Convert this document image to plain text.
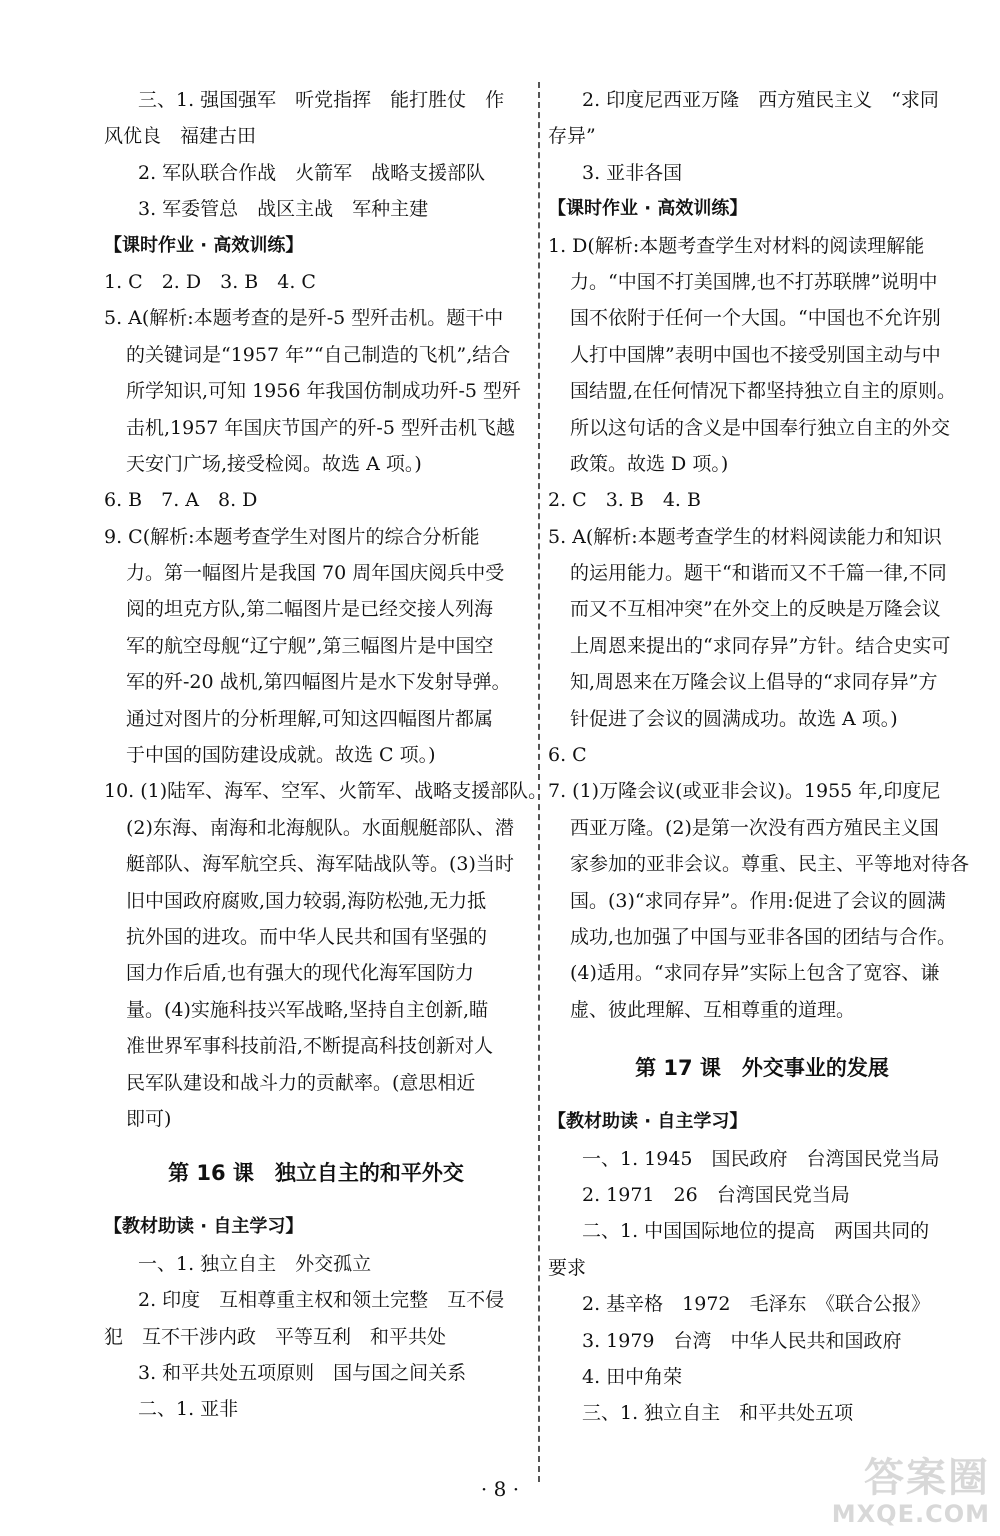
三、1. 强国强军　听党指挥　能打胜仗　作
风优良　福建古田
2. 军队联合作战　火箭军　战略支援部队
3. 军委管总　战区主战　军种主建
【课时作业 · 高效训练】
1. C　2. D　3. B　4. C
5. A(解析:本题考查的是歼-5 型歼击机。题干中
的关键词是“1957 年”“自己制造的飞机”,结合
所学知识,可知 1956 年我国仿制成功歼-5 型歼
击机,1957 年国庆节国产的歼-5 型歼击机飞越
天安门广场,接受检阅。故选 A 项。)
6. B　7. A　8. D
9. C(解析:本题考查学生对图片的综合分析能
力。第一幅图片是我国 70 周年国庆阅兵中受
阅的坦克方队,第二幅图片是已经交接人列海
军的航空母舰“辽宁舰”,第三幅图片是中国空
军的歼-20 战机,第四幅图片是水下发射导弹。
通过对图片的分析理解,可知这四幅图片都属
于中国的国防建设成就。故选 C 项。)
10. (1)陆军、海军、空军、火箭军、战略支援部队。
(2)东海、南海和北海舰队。水面舰艇部队、潜
艇部队、海军航空兵、海军陆战队等。(3)当时
旧中国政府腐败,国力较弱,海防松弛,无力抵
抗外国的进攻。而中华人民共和国有坚强的
国力作后盾,也有强大的现代化海军国防力
量。(4)实施科技兴军战略,坚持自主创新,瞄
准世界军事科技前沿,不断提高科技创新对人
民军队建设和战斗力的贡献率。(意思相近
即可)
第 16 课　独立自主的和平外交
【教材助读 · 自主学习】
一、1. 独立自主　外交孤立
2. 印度　互相尊重主权和领土完整　互不侵
犯　互不干涉内政　平等互利　和平共处
3. 和平共处五项原则　国与国之间关系
二、1. 亚非
2. 印度尼西亚万隆　西方殖民主义　“求同
存异”
3. 亚非各国
【课时作业 · 高效训练】
1. D(解析:本题考查学生对材料的阅读理解能
力。“中国不打美国牌,也不打苏联牌”说明中
国不依附于任何一个大国。“中国也不允许别
人打中国牌”表明中国也不接受别国主动与中
国结盟,在任何情况下都坚持独立自主的原则。
所以这句话的含义是中国奉行独立自主的外交
政策。故选 D 项。)
2. C　3. B　4. B
5. A(解析:本题考查学生的材料阅读能力和知识
的运用能力。题干“和谐而又不千篇一律,不同
而又不互相冲突”在外交上的反映是万隆会议
上周恩来提出的“求同存异”方针。结合史实可
知,周恩来在万隆会议上倡导的“求同存异”方
针促进了会议的圆满成功。故选 A 项。)
6. C
7. (1)万隆会议(或亚非会议)。1955 年,印度尼
西亚万隆。(2)是第一次没有西方殖民主义国
家参加的亚非会议。尊重、民主、平等地对待各
国。(3)“求同存异”。作用:促进了会议的圆满
成功,也加强了中国与亚非各国的团结与合作。
(4)适用。“求同存异”实际上包含了宽容、谦
虚、彼此理解、互相尊重的道理。
第 17 课　外交事业的发展
【教材助读 · 自主学习】
一、1. 1945　国民政府　台湾国民党当局
2. 1971　26　台湾国民党当局
二、1. 中国国际地位的提高　两国共同的
要求
2. 基辛格　1972　毛泽东　《联合公报》
3. 1979　台湾　中华人民共和国政府
4. 田中角荣
三、1. 独立自主　和平共处五项
· 8 ·	答案圈
MXQE.COM
